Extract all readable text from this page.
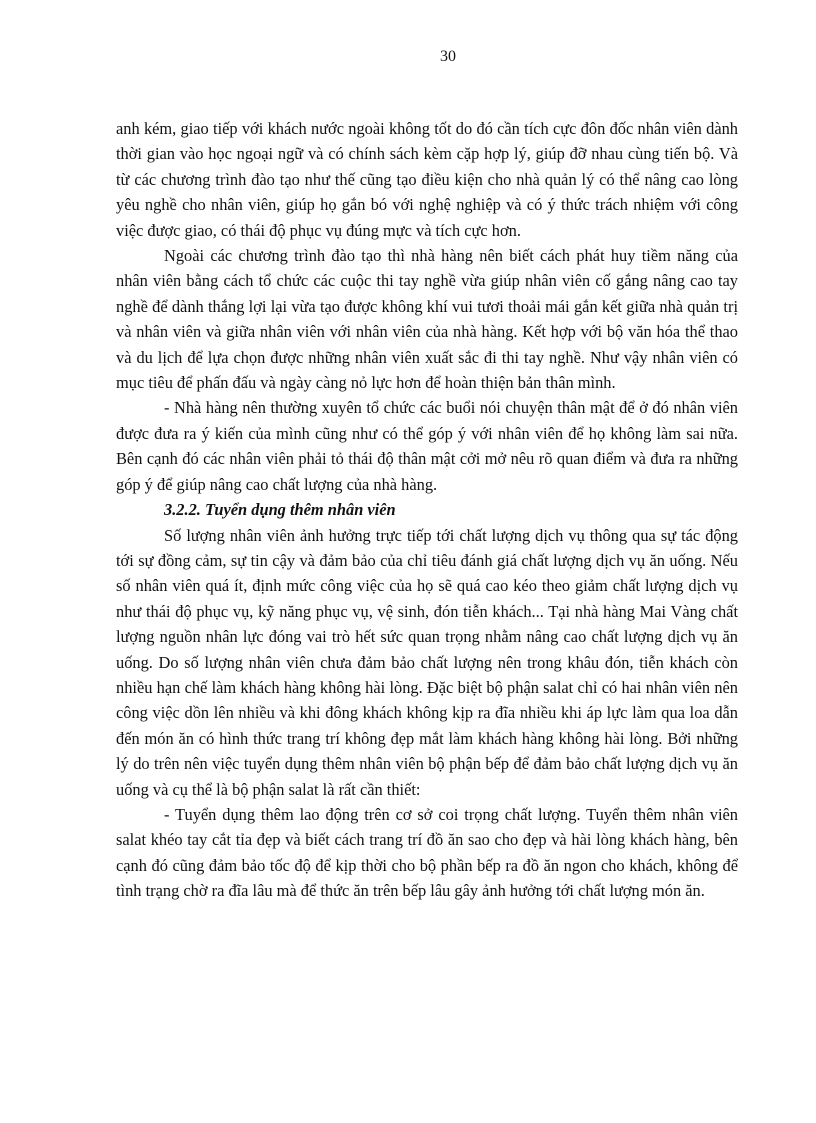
30

anh kém, giao tiếp với khách nước ngoài không tốt do đó cần tích cực đôn đốc nhân viên dành thời gian vào học ngoại ngữ và có chính sách kèm cặp hợp lý, giúp đỡ nhau cùng tiến bộ. Và từ các chương trình đào tạo như thế cũng tạo điều kiện cho nhà quản lý có thể nâng cao lòng yêu nghề cho nhân viên, giúp họ gắn bó với nghệ nghiệp và có ý thức trách nhiệm với công việc được giao, có thái độ phục vụ đúng mực và tích cực hơn.

Ngoài các chương trình đào tạo thì nhà hàng nên biết cách phát huy tiềm năng của nhân viên bằng cách tổ chức các cuộc thi tay nghề vừa giúp nhân viên cố gắng nâng cao tay nghề để dành thắng lợi lại vừa tạo được không khí vui tươi thoải mái gắn kết giữa nhà quản trị và nhân viên và giữa nhân viên với nhân viên của nhà hàng. Kết hợp với bộ văn hóa thể thao và du lịch để lựa chọn được những nhân viên xuất sắc đi thi tay nghề. Như vậy nhân viên có mục tiêu để phấn đấu và ngày càng nỏ lực hơn để hoàn thiện bản thân mình.

- Nhà hàng nên thường xuyên tổ chức các buổi nói chuyện thân mật để ở đó nhân viên được đưa ra ý kiến của mình cũng như có thể góp ý với nhân viên để họ không làm sai nữa. Bên cạnh đó các nhân viên phải tỏ thái độ thân mật cởi mở nêu rõ quan điểm và đưa ra những góp ý để giúp nâng cao chất lượng của nhà hàng.

3.2.2. Tuyển dụng thêm nhân viên

Số lượng nhân viên ảnh hưởng trực tiếp tới chất lượng dịch vụ thông qua sự tác động tới sự đồng cảm, sự tin cậy và đảm bảo của chỉ tiêu đánh giá chất lượng dịch vụ ăn uống. Nếu số nhân viên quá ít, định mức công việc của họ sẽ quá cao kéo theo giảm chất lượng dịch vụ như thái độ phục vụ, kỹ năng phục vụ, vệ sinh, đón tiễn khách... Tại nhà hàng Mai Vàng chất lượng nguồn nhân lực đóng vai trò hết sức quan trọng nhằm nâng cao chất lượng dịch vụ ăn uống. Do số lượng nhân viên chưa đảm bảo chất lượng nên trong khâu đón, tiễn khách còn nhiều hạn chế làm khách hàng không hài lòng. Đặc biệt bộ phận salat chỉ có hai nhân viên nên công việc dồn lên nhiều và khi đông khách không kịp ra đĩa nhiều khi áp lực làm qua loa dẫn đến món ăn có hình thức trang trí không đẹp mắt làm khách hàng không hài lòng. Bởi những lý do trên nên việc tuyển dụng thêm nhân viên bộ phận bếp để đảm bảo chất lượng dịch vụ ăn uống và cụ thể là bộ phận salat là rất cần thiết:

- Tuyển dụng thêm lao động trên cơ sở coi trọng chất lượng. Tuyển thêm nhân viên salat khéo tay cắt tỉa đẹp và biết cách trang trí đồ ăn sao cho đẹp và hài lòng khách hàng, bên cạnh đó cũng đảm bảo tốc độ để kịp thời cho bộ phần bếp ra đồ ăn ngon cho khách, không để tình trạng chờ ra đĩa lâu mà để thức ăn trên bếp lâu gây ảnh hưởng tới chất lượng món ăn.
